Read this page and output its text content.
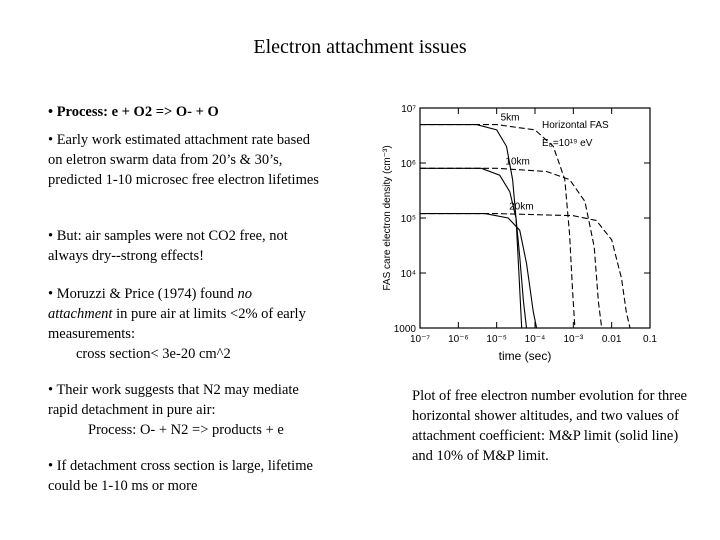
Electron attachment issues

• Process: e + O2 => O- + O

• Early work estimated attachment rate based on eletron swarm data from 20’s & 30’s, predicted 1-10 microsec free electron lifetimes

• But: air samples were not CO2 free, not always dry--strong effects!

• Moruzzi & Price (1974) found no attachment in pure air at limits <2% of early measurements:
cross section< 3e-20 cm^2

• Their work suggests that N2 may mediate rapid detachment in pure air:
Process: O- + N2 => products + e

• If detachment cross section is large, lifetime could be 1-10 ms or more

10⁻⁷ 10⁻⁶ 10⁻⁵ 10⁻⁴ 10⁻³ 0.01 0.1
1000
10⁴
10⁵
10⁶
10⁷
time (sec)
FAS care electron density (cm⁻³)
Horizontal FAS
E₀=10¹⁹ eV
5km
10km
20km
Plot of free electron number evolution for three horizontal shower altitudes, and two values of attachment coefficient: M&P limit (solid line) and 10% of M&P limit.
